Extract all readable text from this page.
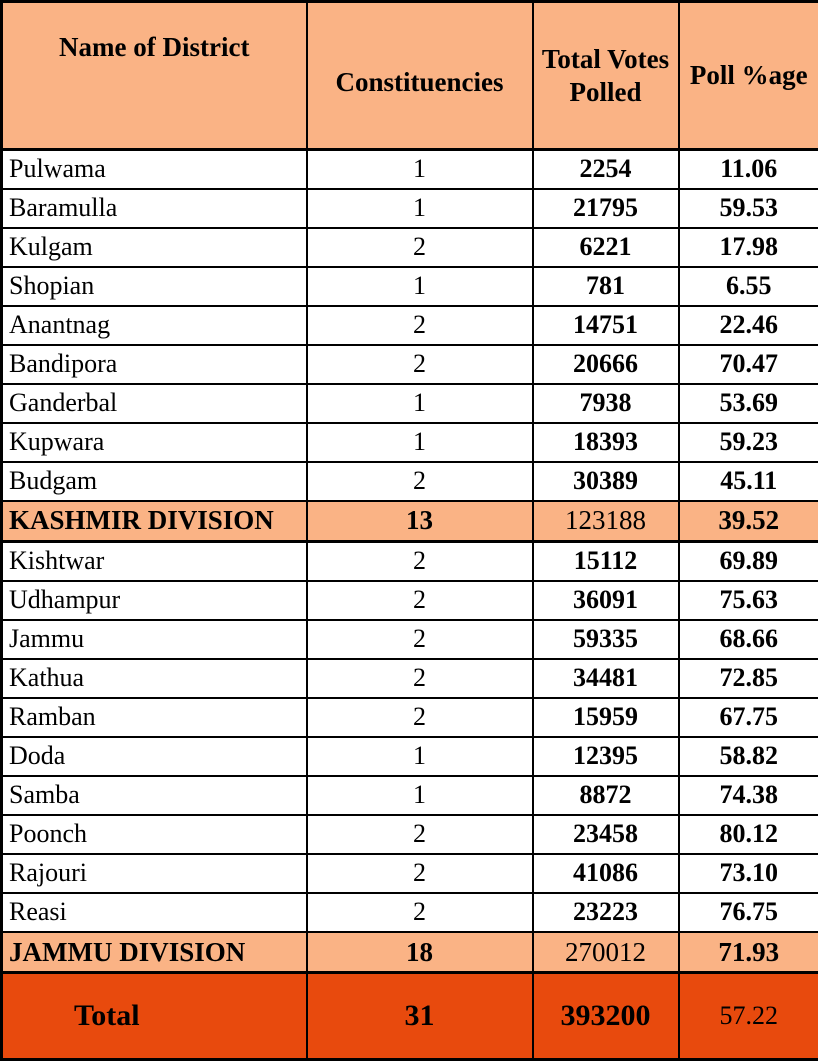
Name of District	Constituencies	Total Votes Polled	Poll %age
Pulwama	1	2254	11.06
Baramulla	1	21795	59.53
Kulgam	2	6221	17.98
Shopian	1	781	6.55
Anantnag	2	14751	22.46
Bandipora	2	20666	70.47
Ganderbal	1	7938	53.69
Kupwara	1	18393	59.23
Budgam	2	30389	45.11
KASHMIR DIVISION	13	123188	39.52
Kishtwar	2	15112	69.89
Udhampur	2	36091	75.63
Jammu	2	59335	68.66
Kathua	2	34481	72.85
Ramban	2	15959	67.75
Doda	1	12395	58.82
Samba	1	8872	74.38
Poonch	2	23458	80.12
Rajouri	2	41086	73.10
Reasi	2	23223	76.75
JAMMU DIVISION	18	270012	71.93
Total	31	393200	57.22
